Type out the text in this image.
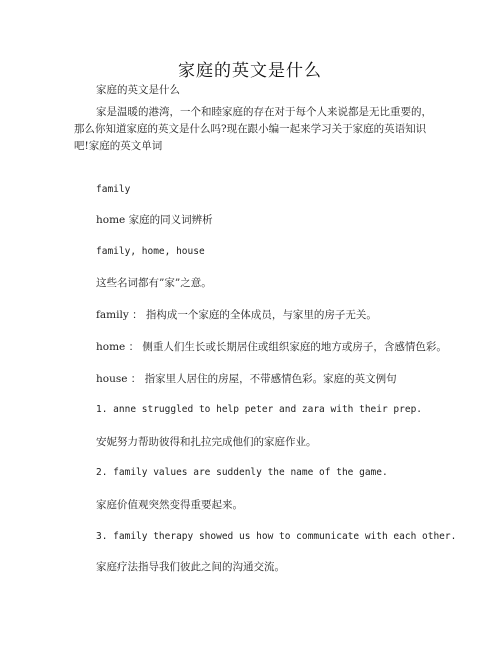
家庭的英文是什么

家庭的英文是什么

家是温暖的港湾，一个和睦家庭的存在对于每个人来说都是无比重要的，那么你知道家庭的英文是什么吗?现在跟小编一起来学习关于家庭的英语知识吧!家庭的英文单词

family

home 家庭的同义词辨析

family, home, house

这些名词都有”家”之意。

family ： 指构成一个家庭的全体成员，与家里的房子无关。

home ： 侧重人们生长或长期居住或组织家庭的地方或房子，含感情色彩。

house ： 指家里人居住的房屋，不带感情色彩。家庭的英文例句

1. anne struggled to help peter and zara with their prep.

安妮努力帮助彼得和扎拉完成他们的家庭作业。

2. family values are suddenly the name of the game.

家庭价值观突然变得重要起来。

3. family therapy showed us how to communicate with each other.

家庭疗法指导我们彼此之间的沟通交流。
